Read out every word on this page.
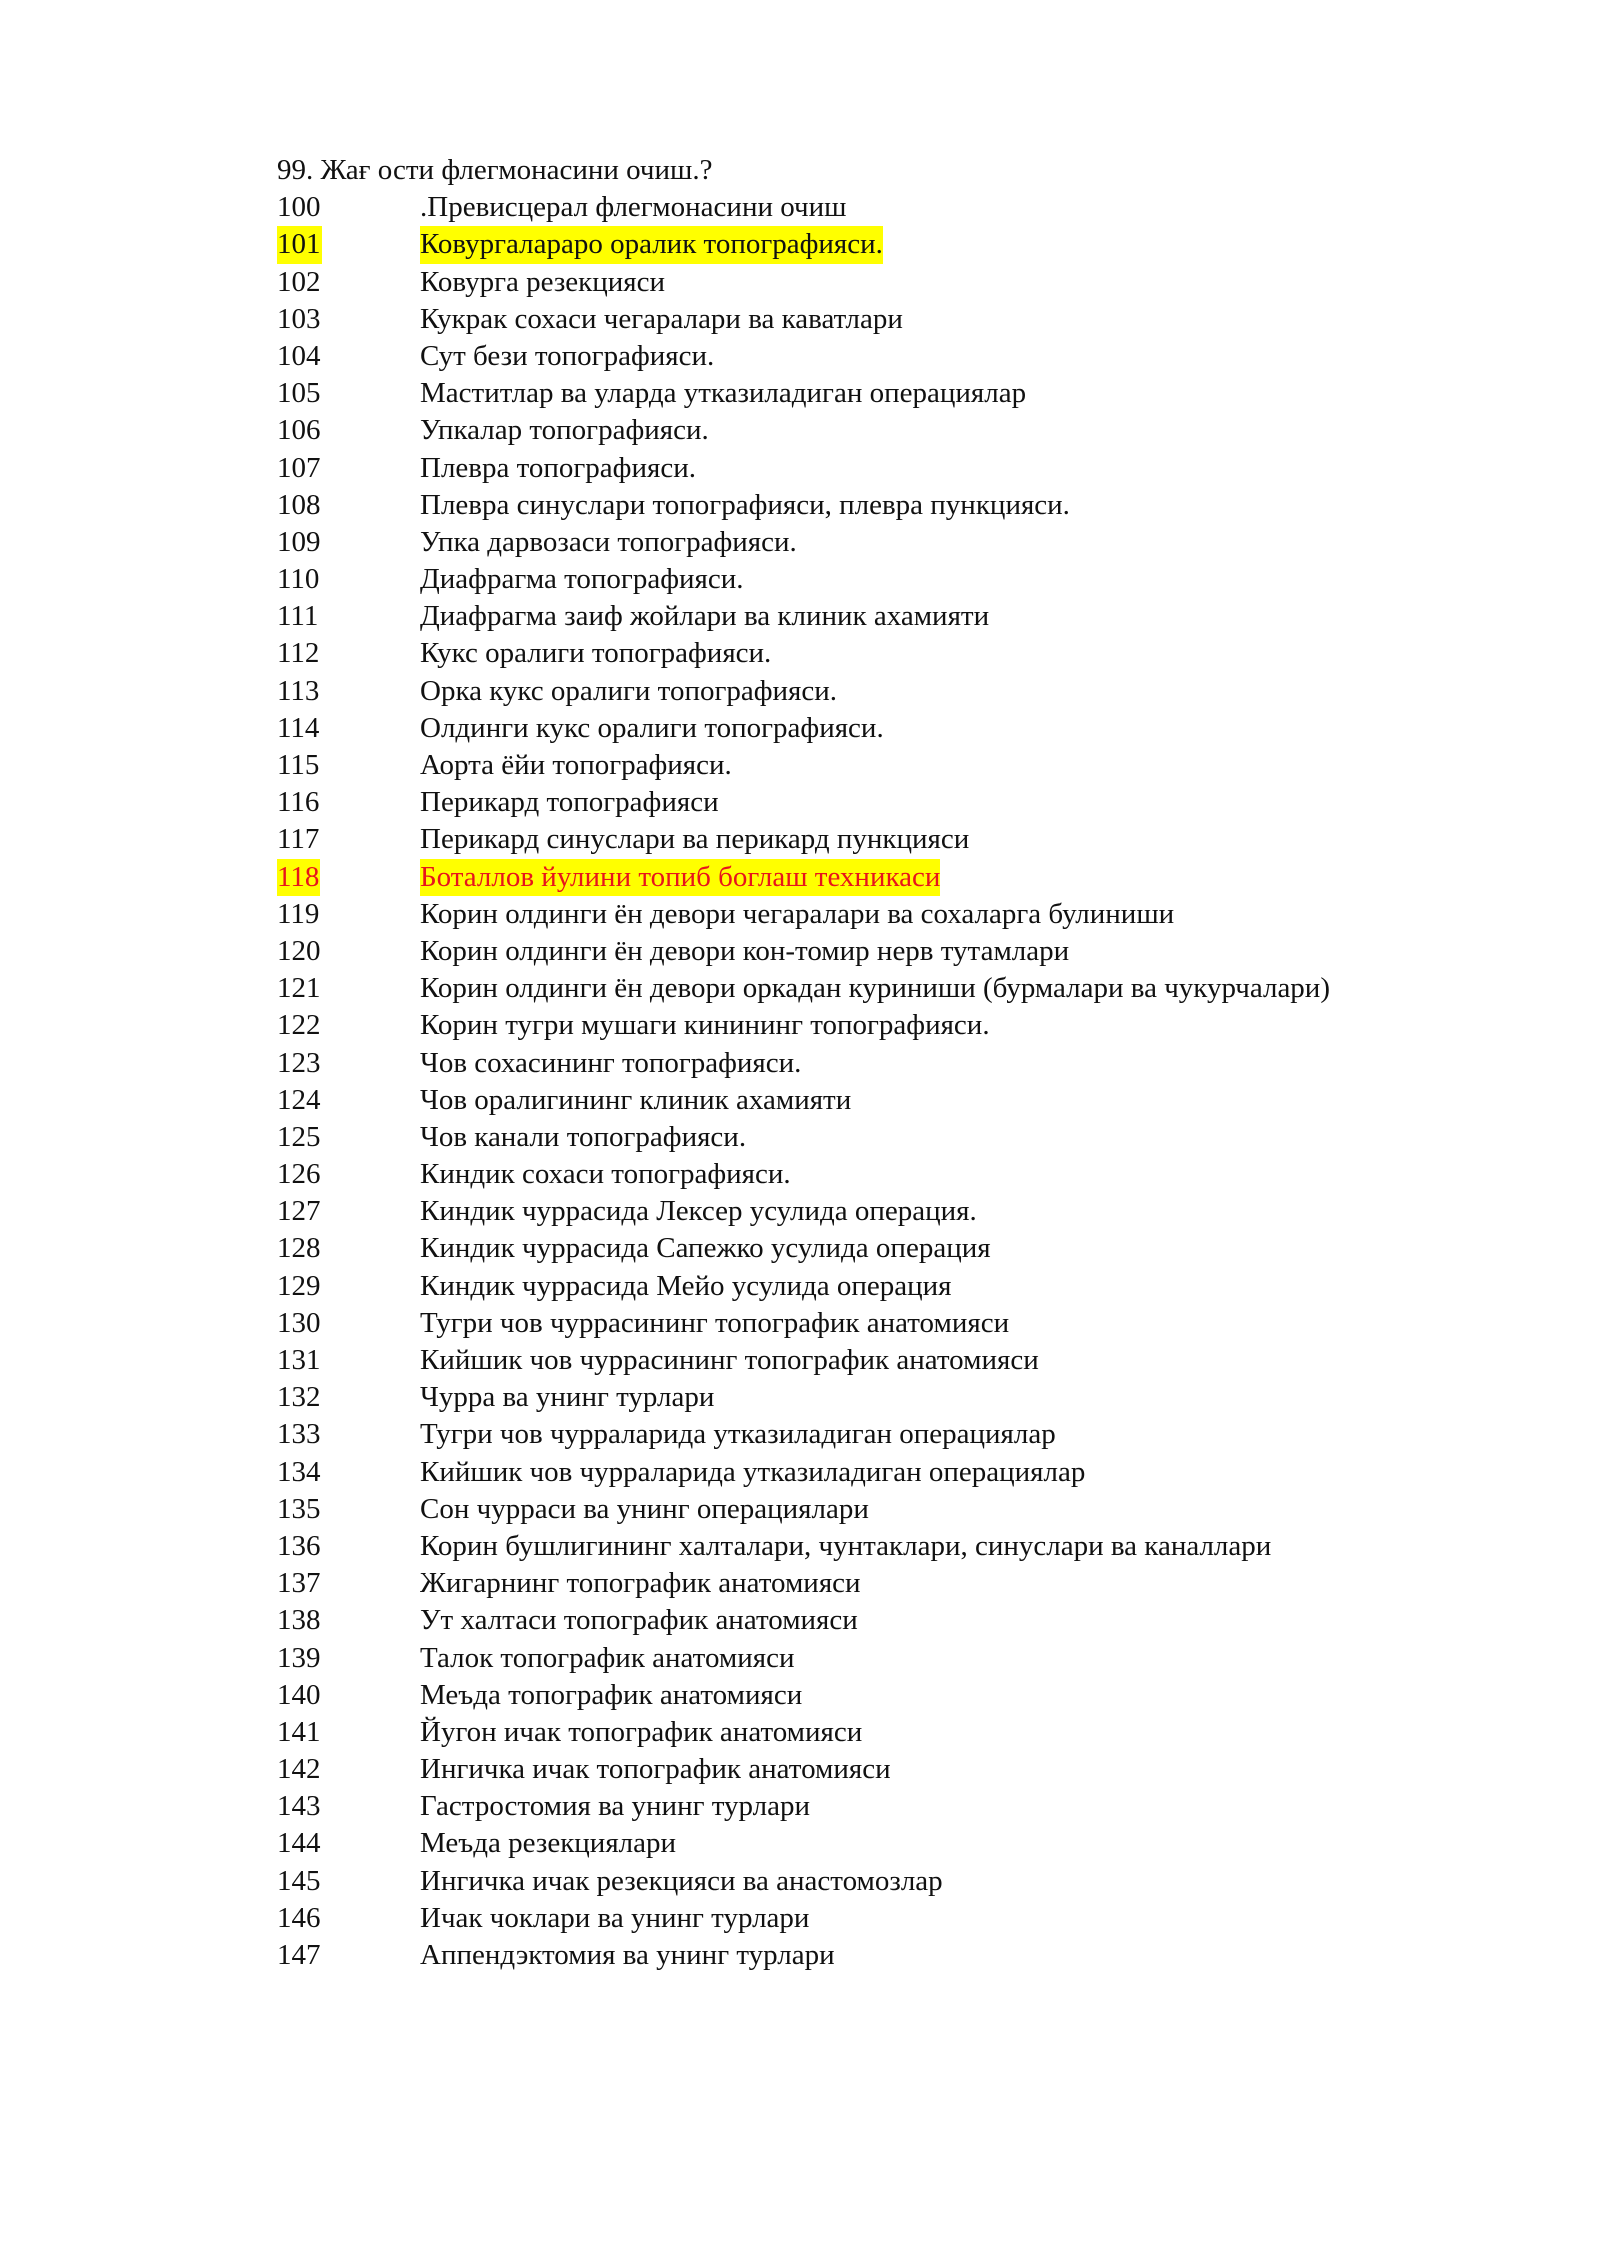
99. Жағ ости флегмонасини очиш.?
100	.Превисцерал флегмонасини очиш
101	Ковургаларaро оралик топографияси.
102	Ковурга резекцияси
103	Кукрак сохаси чегаралари ва каватлари
104	Сут бези топографияси.
105	Маститлар ва уларда утказиладиган операциялар
106	Упкалар топографияси.
107	Плевра топографияси.
108	Плевра синуслари топографияси, плевра пункцияси.
109	Упка дарвозаси топографияси.
110	Диафрагма топографияси.
111	Диафрагма заиф жойлари ва клиник ахамияти
112	Кукс оралиги топографияси.
113	Орка кукс оралиги топографияси.
114	Олдинги кукс оралиги топографияси.
115	Аорта ёйи топографияси.
116	Перикард топографияси
117	Перикард синуслари ва перикард пункцияси
118	Боталлов йулини топиб боглаш техникаси
119	Корин олдинги ён девори чегаралари ва сохаларга булиниши
120	Корин олдинги ён девори кон-томир нерв тутамлари
121	Корин олдинги ён девори оркадан куриниши (бурмалари ва чукурчалари)
122	Корин тугри мушаги кинининг топографияси.
123	Чов сохасининг топографияси.
124	Чов оралигининг клиник ахамияти
125	Чов канали топографияси.
126	Киндик сохаси топографияси.
127	Киндик чуррасида Лексер усулида операция.
128	Киндик чуррасида Сапежко усулида операция
129	Киндик чуррасида Мейо усулида операция
130	Тугри чов чуррасининг топографик анатомияси
131	Кийшик чов чуррасининг топографик анатомияси
132	Чурра ва унинг турлари
133	Тугри чов чурраларида утказиладиган операциялар
134	Кийшик чов чурраларида утказиладиган операциялар
135	Сон чурраси ва унинг операциялари
136	Корин бушлигининг халталари, чунтаклари, синуслари ва каналлари
137	Жигарнинг топографик анатомияси
138	Ут халтаси топографик анатомияси
139	Талок топографик анатомияси
140	Меъда топографик анатомияси
141	Йугон ичак топографик анатомияси
142	Ингичка ичак топографик анатомияси
143	Гастростомия ва унинг турлари
144	Меъда резекциялари
145	Ингичка ичак резекцияси ва анастомозлар
146	Ичак чоклари ва унинг турлари
147	Аппендэктомия ва унинг турлари
